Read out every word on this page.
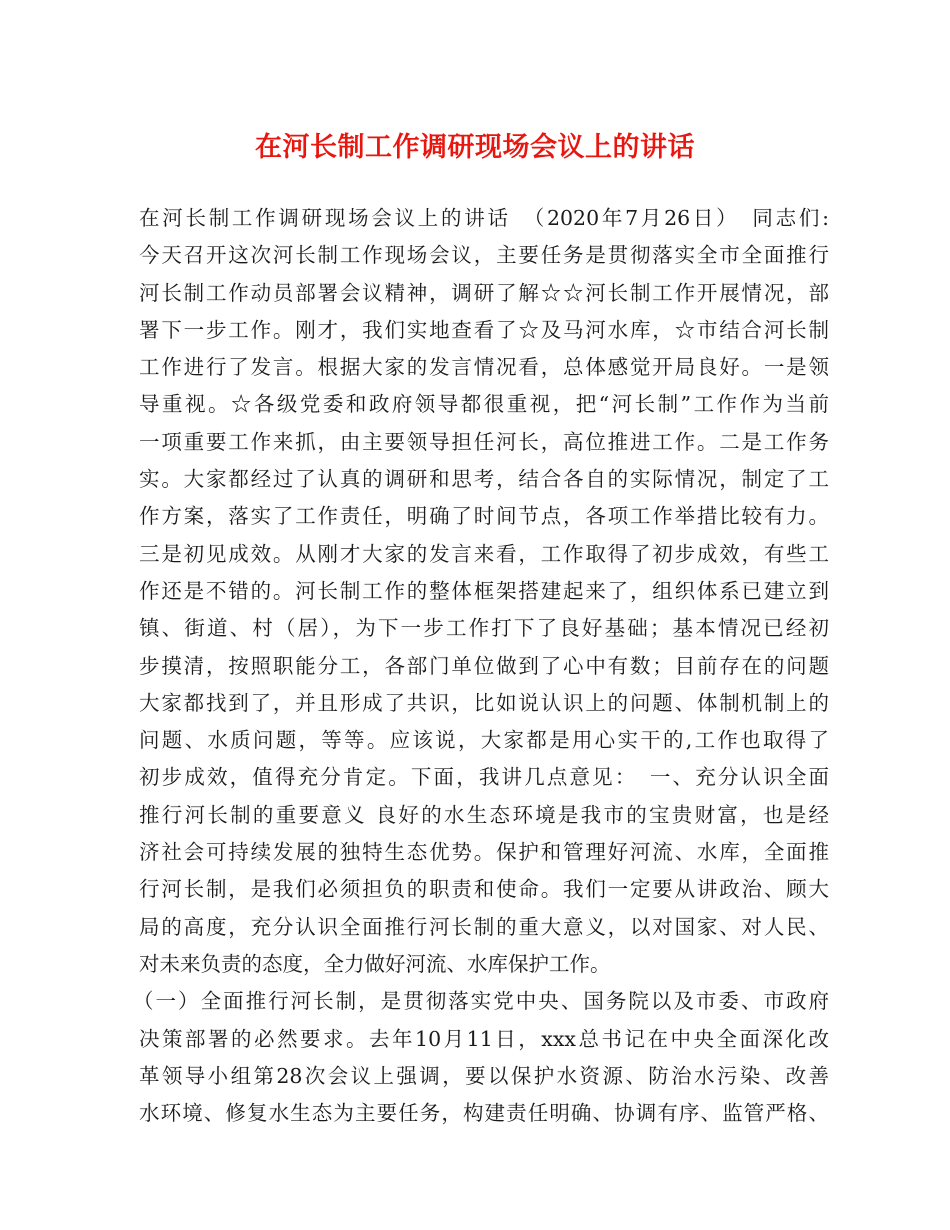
在河长制工作调研现场会议上的讲话
在河长制工作调研现场会议上的讲话　（2020年7月26日）　同志们:
今天召开这次河长制工作现场会议，主要任务是贯彻落实全市全面推行
河长制工作动员部署会议精神，调研了解☆☆河长制工作开展情况，部
署下一步工作。刚才，我们实地查看了☆及马河水库，☆市结合河长制
工作进行了发言。根据大家的发言情况看，总体感觉开局良好。一是领
导重视。☆各级党委和政府领导都很重视，把“河长制”工作作为当前
一项重要工作来抓，由主要领导担任河长，高位推进工作。二是工作务
实。大家都经过了认真的调研和思考，结合各自的实际情况，制定了工
作方案，落实了工作责任，明确了时间节点，各项工作举措比较有力。
三是初见成效。从刚才大家的发言来看，工作取得了初步成效，有些工
作还是不错的。河长制工作的整体框架搭建起来了，组织体系已建立到
镇、街道、村（居），为下一步工作打下了良好基础；基本情况已经初
步摸清，按照职能分工，各部门单位做到了心中有数；目前存在的问题
大家都找到了，并且形成了共识，比如说认识上的问题、体制机制上的
问题、水质问题，等等。应该说，大家都是用心实干的,工作也取得了
初步成效，值得充分肯定。下面，我讲几点意见：　一、充分认识全面
推行河长制的重要意义 良好的水生态环境是我市的宝贵财富，也是经
济社会可持续发展的独特生态优势。保护和管理好河流、水库，全面推
行河长制，是我们必须担负的职责和使命。我们一定要从讲政治、顾大
局的高度，充分认识全面推行河长制的重大意义，以对国家、对人民、
对未来负责的态度，全力做好河流、水库保护工作。
（一）全面推行河长制，是贯彻落实党中央、国务院以及市委、市政府
决策部署的必然要求。去年10月11日，xxx总书记在中央全面深化改
革领导小组第28次会议上强调，要以保护水资源、防治水污染、改善
水环境、修复水生态为主要任务，构建责任明确、协调有序、监管严格、
